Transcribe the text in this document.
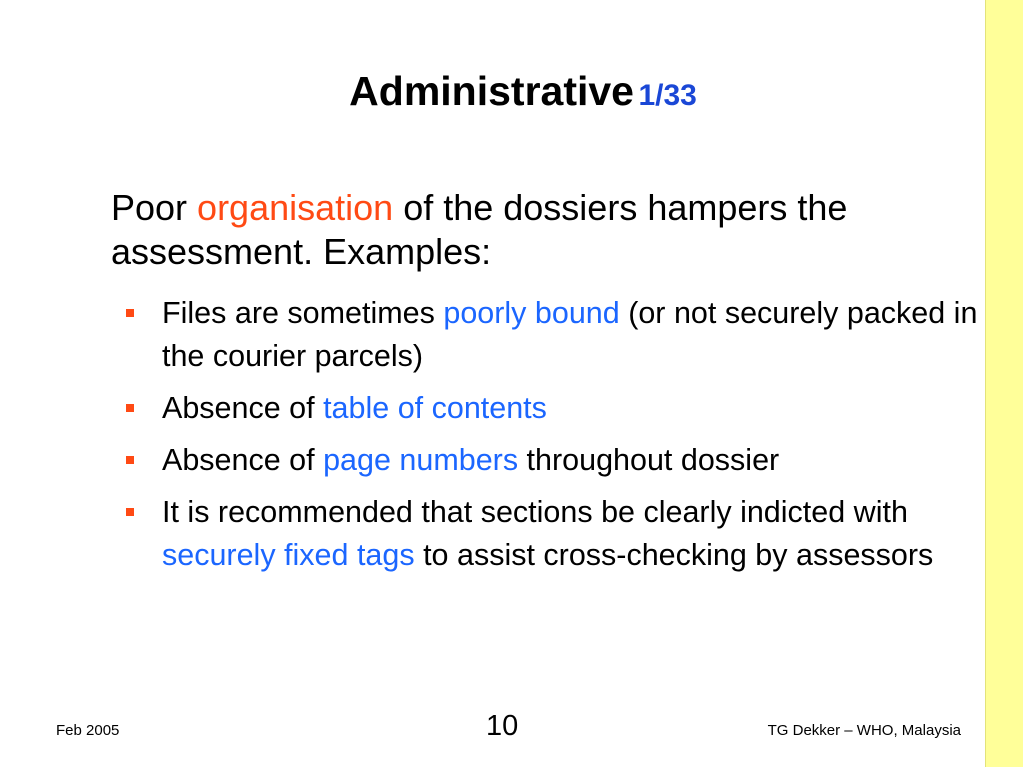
Administrative 1/33
Poor organisation of the dossiers hampers the assessment. Examples:
Files are sometimes poorly bound (or not securely packed in the courier parcels)
Absence of table of contents
Absence of page numbers throughout dossier
It is recommended that sections be clearly indicted with securely fixed tags to assist cross-checking by assessors
Feb 2005	10	TG Dekker – WHO, Malaysia
